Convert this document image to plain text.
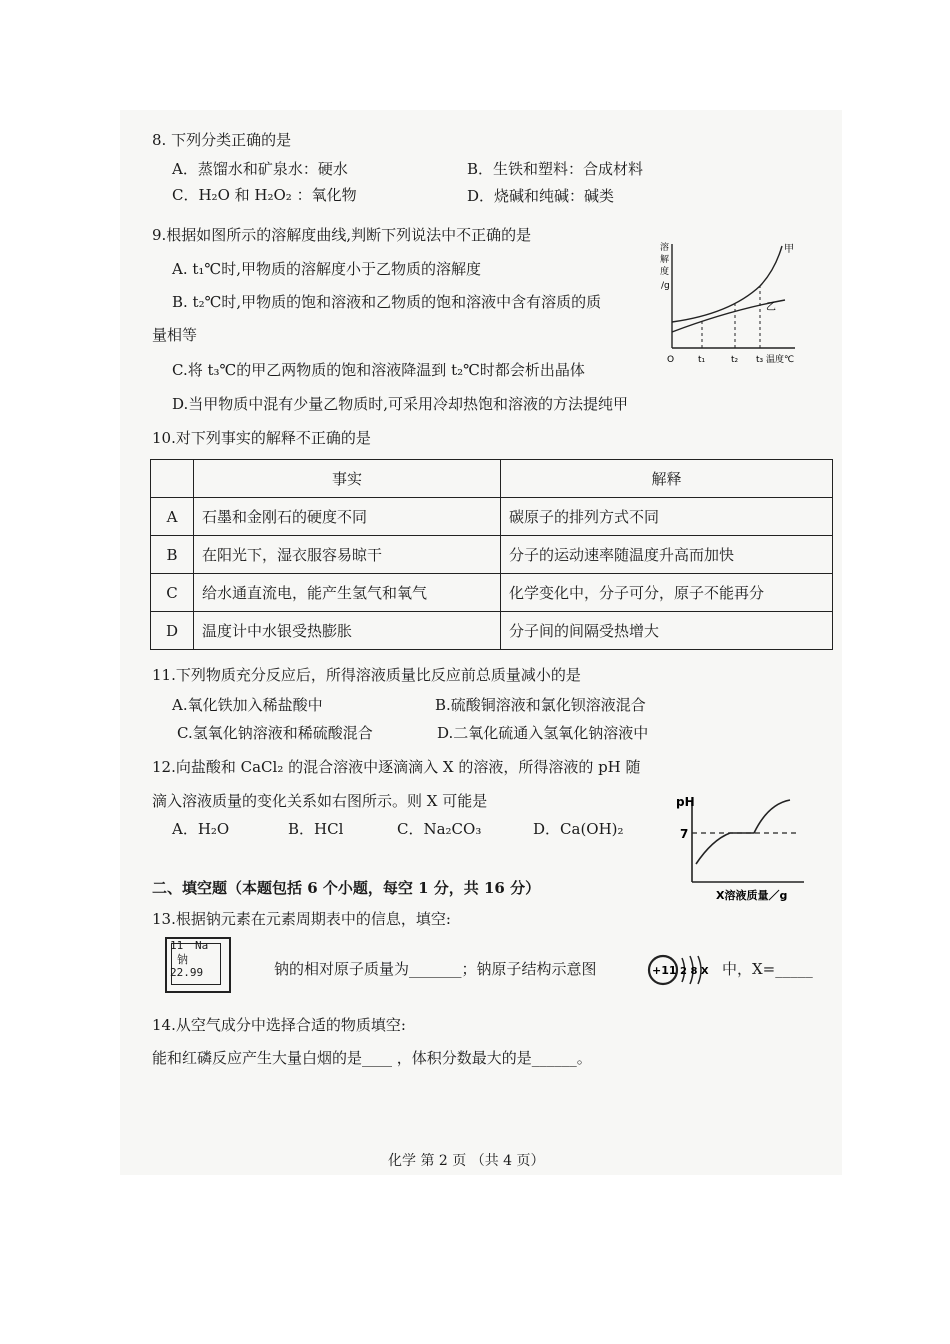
8. 下列分类正确的是
A．蒸馏水和矿泉水：硬水	B．生铁和塑料：合成材料
C．H₂O 和 H₂O₂ ：氧化物	D．烧碱和纯碱：碱类
9.根据如图所示的溶解度曲线,判断下列说法中不正确的是
A. t₁℃时,甲物质的溶解度小于乙物质的溶解度
B. t₂℃时,甲物质的饱和溶液和乙物质的饱和溶液中含有溶质的质
量相等
C.将 t₃℃的甲乙两物质的饱和溶液降温到 t₂℃时都会析出晶体
D.当甲物质中混有少量乙物质时,可采用冷却热饱和溶液的方法提纯甲
溶
解
度
/g
甲
乙
O	t₁	t₂ t₃ 温度℃
10.对下列事实的解释不正确的是
	事实	解释
A	石墨和金刚石的硬度不同	碳原子的排列方式不同
B	在阳光下，湿衣服容易晾干	分子的运动速率随温度升高而加快
C	给水通直流电，能产生氢气和氧气	化学变化中，分子可分，原子不能再分
D	温度计中水银受热膨胀	分子间的间隔受热增大
11.下列物质充分反应后，所得溶液质量比反应前总质量减小的是
A.氧化铁加入稀盐酸中	B.硫酸铜溶液和氯化钡溶液混合
C.氢氧化钠溶液和稀硫酸混合	D.二氧化硫通入氢氧化钠溶液中
12.向盐酸和 CaCl₂ 的混合溶液中逐滴滴入 X 的溶液，所得溶液的 pH 随
滴入溶液质量的变化关系如右图所示。则 X 可能是
A．H₂O	B．HCl	C．Na₂CO₃	D．Ca(OH)₂
pH
7
X溶液质量／g
二、填空题（本题包括 6 个小题，每空 1 分，共 16 分）
13.根据钠元素在元素周期表中的信息，填空:
11 Na
钠
22.99	钠的相对原子质量为_______；钠原子结构示意图	+11 2 8 X 中，X=_____
14.从空气成分中选择合适的物质填空:
能和红磷反应产生大量白烟的是____ ，体积分数最大的是______。
化学 第 2 页 （共 4 页）
